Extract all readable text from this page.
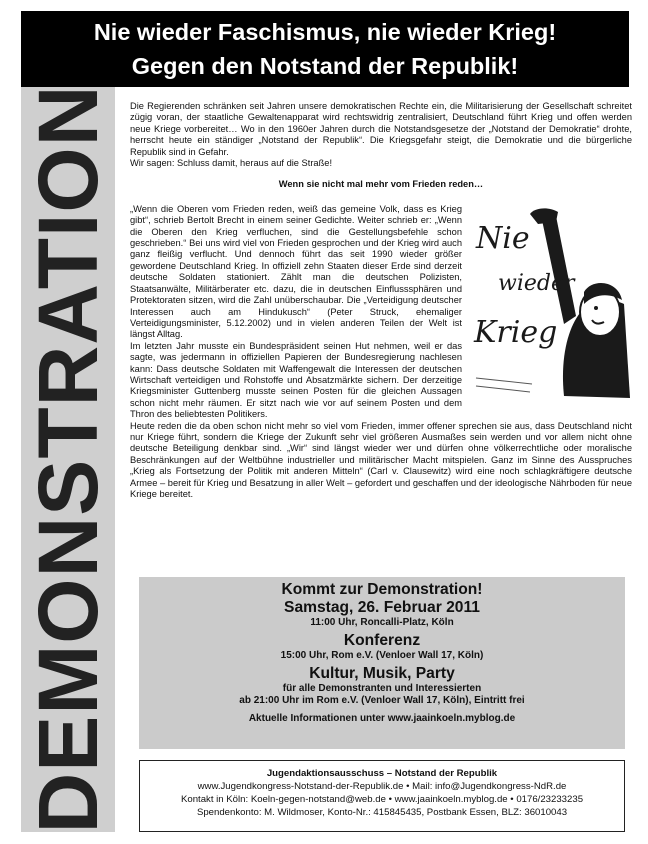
Nie wieder Faschismus, nie wieder Krieg!
Gegen den Notstand der Republik!
DEMONSTRATION Die Regierenden schränken seit Jahren unsere demokratischen Rechte ein, die Militarisierung der Gesellschaft schreitet zügig voran, der staatliche Gewaltenapparat wird rechtswidrig zentralisiert, Deutschland führt Krieg und offen werden neue Kriege vorbereitet… Wo in den 1960er Jahren durch die Notstandsgesetze der „Notstand der Demokratie“ drohte, herrscht heute ein ständiger „Notstand der Republik“. Die Kriegsgefahr steigt, die Demokratie und die bürgerliche Republik sind in Gefahr.

Wir sagen: Schluss damit, heraus auf die Straße!

Wenn sie nicht mal mehr vom Frieden reden…

Nie
wieder
Krieg
„Wenn die Oberen vom Frieden reden, weiß das gemeine Volk, dass es Krieg gibt“, schrieb Bertolt Brecht in einem seiner Gedichte. Weiter schrieb er: „Wenn die Oberen den Krieg verfluchen, sind die Gestellungsbefehle schon geschrieben.“ Bei uns wird viel von Frieden gesprochen und der Krieg wird auch ganz fleißig verflucht. Und dennoch führt das seit 1990 wieder größer gewordene Deutschland Krieg. In offiziell zehn Staaten dieser Erde sind derzeit deutsche Soldaten stationiert. Zählt man die deutschen Polizisten, Staatsanwälte, Militärberater etc. dazu, die in deutschen Einflusssphären und Protektoraten sitzen, wird die Zahl unüberschaubar. Die „Verteidigung deutscher Interessen auch am Hindukusch“ (Peter Struck, ehemaliger Verteidigungsminister, 5.12.2002) und in vielen anderen Teilen der Welt ist längst Alltag.

Im letzten Jahr musste ein Bundespräsident seinen Hut nehmen, weil er das sagte, was jedermann in offiziellen Papieren der Bundesregierung nachlesen kann: Dass deutsche Soldaten mit Waffengewalt die Interessen der deutschen Wirtschaft verteidigen und Rohstoffe und Absatzmärkte sichern. Der derzeitige Kriegsminister Guttenberg musste seinen Posten für die gleichen Aussagen schon nicht mehr räumen. Er sitzt nach wie vor auf seinem Posten und dem Thron des beliebtesten Politikers.

Heute reden die da oben schon nicht mehr so viel vom Frieden, immer offener sprechen sie aus, dass Deutschland nicht nur Kriege führt, sondern die Kriege der Zukunft sehr viel größeren Ausmaßes sein werden und vor allem nicht ohne deutsche Beteiligung denkbar sind. „Wir“ sind längst wieder wer und dürfen ohne völkerrechtliche oder moralische Beschränkungen auf der Weltbühne industrieller und militärischer Macht mitspielen. Ganz im Sinne des Ausspruches „Krieg als Fortsetzung der Politik mit anderen Mitteln“ (Carl v. Clausewitz) wird eine noch schlagkräftigere deutsche Armee – bereit für Krieg und Besatzung in aller Welt – gefordert und geschaffen und der ideologische Nährboden für neue Kriege bereitet.

Kommt zur Demonstration!
Samstag, 26. Februar 2011
11:00 Uhr, Roncalli-Platz, Köln
Konferenz
15:00 Uhr, Rom e.V. (Venloer Wall 17, Köln)
Kultur, Musik, Party
für alle Demonstranten und Interessierten
ab 21:00 Uhr im Rom e.V. (Venloer Wall 17, Köln), Eintritt frei
Aktuelle Informationen unter www.jaainkoeln.myblog.de
Jugendaktionsausschuss – Notstand der Republik
www.Jugendkongress-Notstand-der-Republik.de • Mail: info@Jugendkongress-NdR.de
Kontakt in Köln: Koeln-gegen-notstand@web.de • www.jaainkoeln.myblog.de • 0176/23233235
Spendenkonto: M. Wildmoser, Konto-Nr.: 415845435, Postbank Essen, BLZ: 36010043
